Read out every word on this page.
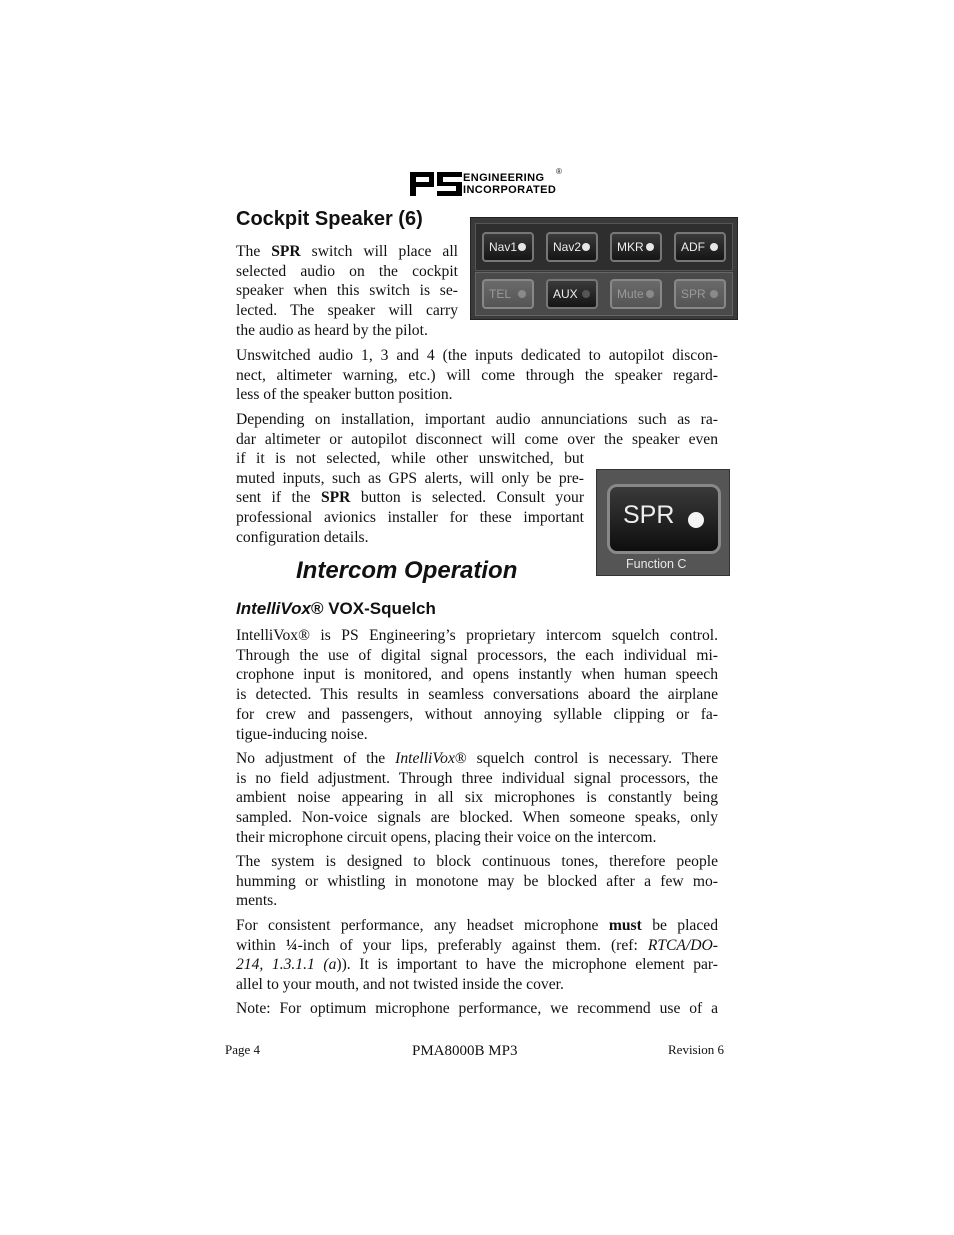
ENGINEERING
INCORPORATED
®
Cockpit Speaker (6)

The SPR switch will place all

selected audio on the cockpit

speaker when this switch is se-

lected. The speaker will carry

the audio as heard by the pilot.

Nav1	Nav2	MKR	ADF
TEL	AUX	Mute	SPR

Unswitched audio 1, 3 and 4 (the inputs dedicated to autopilot discon-

nect, altimeter warning, etc.) will come through the speaker regard-

less of the speaker button position.

Depending on installation, important audio annunciations such as ra-

dar altimeter or autopilot disconnect will come over the speaker even

if it is not selected, while other unswitched, but

muted inputs, such as GPS alerts, will only be pre-

sent if the SPR button is selected. Consult your

professional avionics installer for these important

configuration details.

SPR
Function C
Intercom Operation
IntelliVox® VOX-Squelch

IntelliVox® is PS Engineering’s proprietary intercom squelch control.

Through the use of digital signal processors, the each individual mi-

crophone input is monitored, and opens instantly when human speech

is detected. This results in seamless conversations aboard the airplane

for crew and passengers, without annoying syllable clipping or fa-

tigue-inducing noise.

No adjustment of the IntelliVox® squelch control is necessary. There

is no field adjustment. Through three individual signal processors, the

ambient noise appearing in all six microphones is constantly being

sampled. Non-voice signals are blocked. When someone speaks, only

their microphone circuit opens, placing their voice on the intercom.

The system is designed to block continuous tones, therefore people

humming or whistling in monotone may be blocked after a few mo-

ments.

For consistent performance, any headset microphone must be placed

within ¼-inch of your lips, preferably against them. (ref: RTCA/DO-

214, 1.3.1.1 (a)). It is important to have the microphone element par-

allel to your mouth, and not twisted inside the cover.

Note: For optimum microphone performance, we recommend use of a

Page 4	PMA8000B MP3	Revision 6
